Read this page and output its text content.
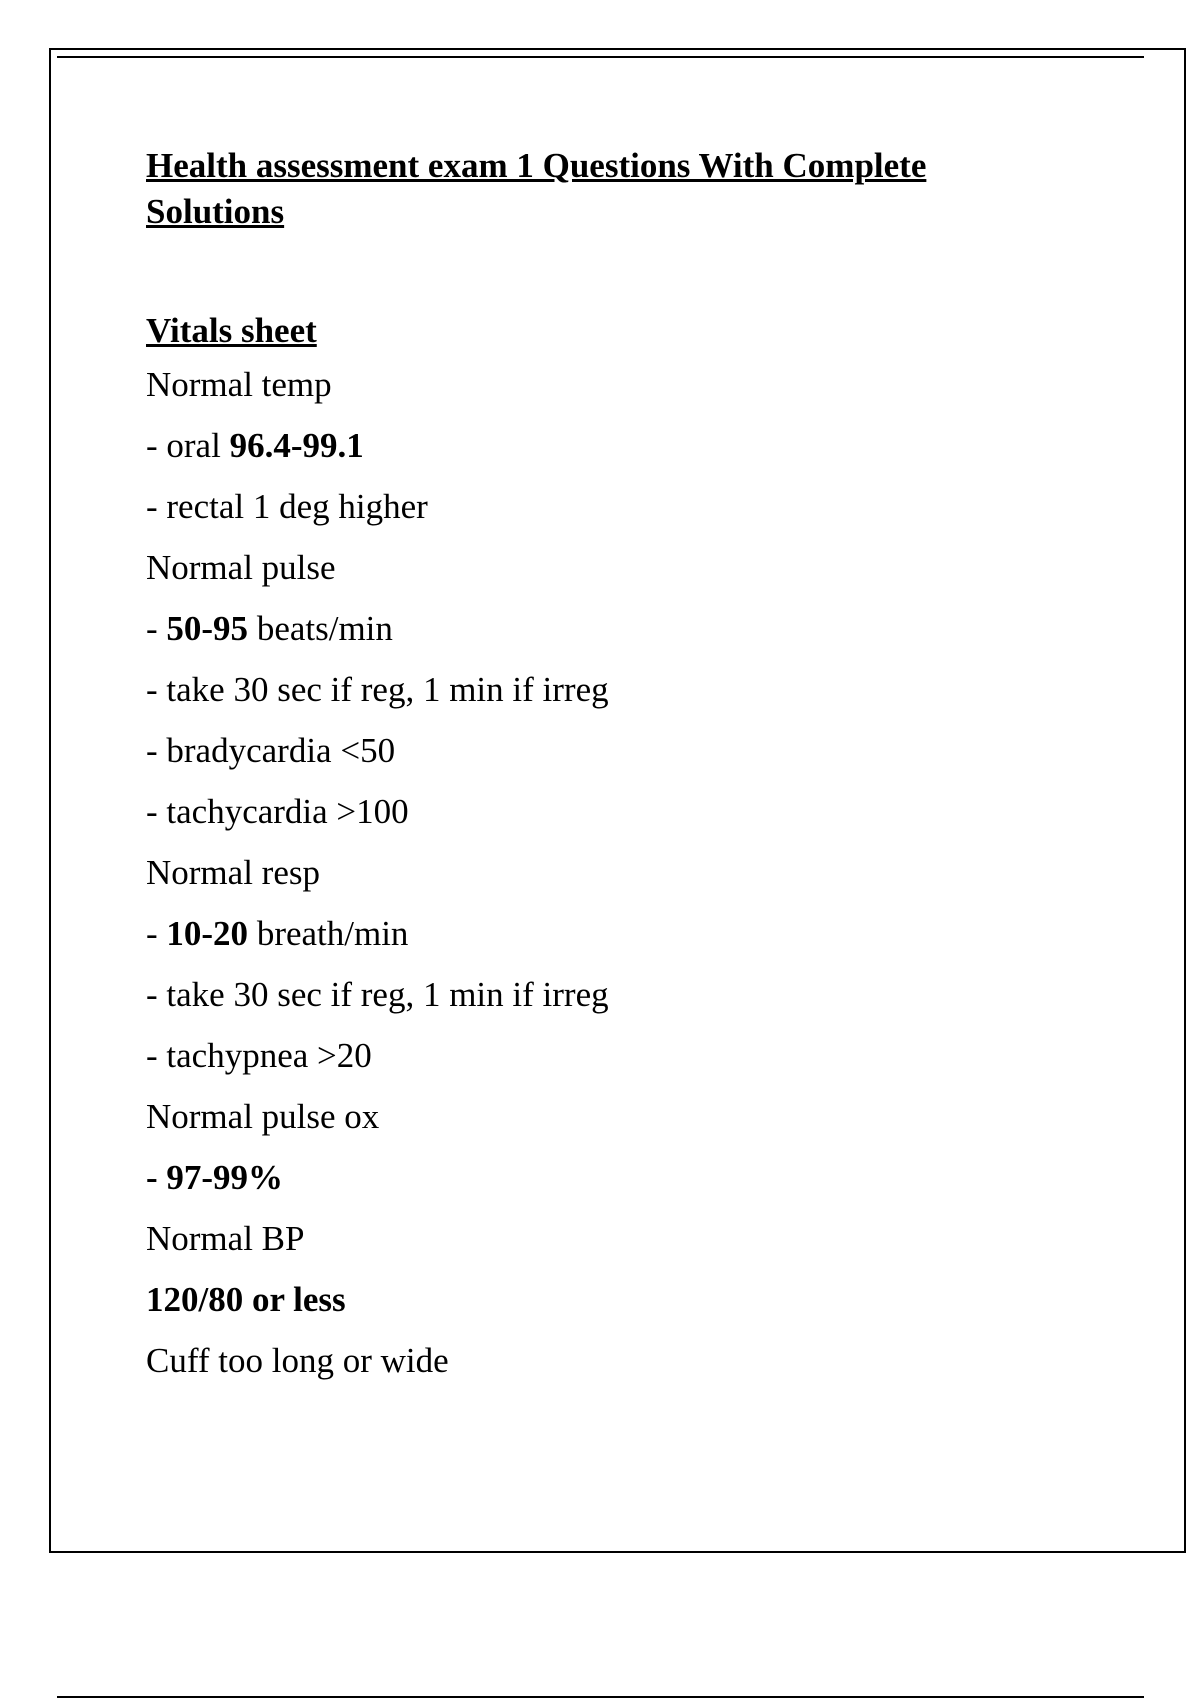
Health assessment exam 1 Questions With Complete Solutions
Vitals sheet
Normal temp
- oral 96.4-99.1
- rectal 1 deg higher
Normal pulse
- 50-95 beats/min
- take 30 sec if reg, 1 min if irreg
- bradycardia <50
- tachycardia >100
Normal resp
- 10-20 breath/min
- take 30 sec if reg, 1 min if irreg
- tachypnea >20
Normal pulse ox
- 97-99%
Normal BP
120/80 or less
Cuff too long or wide
